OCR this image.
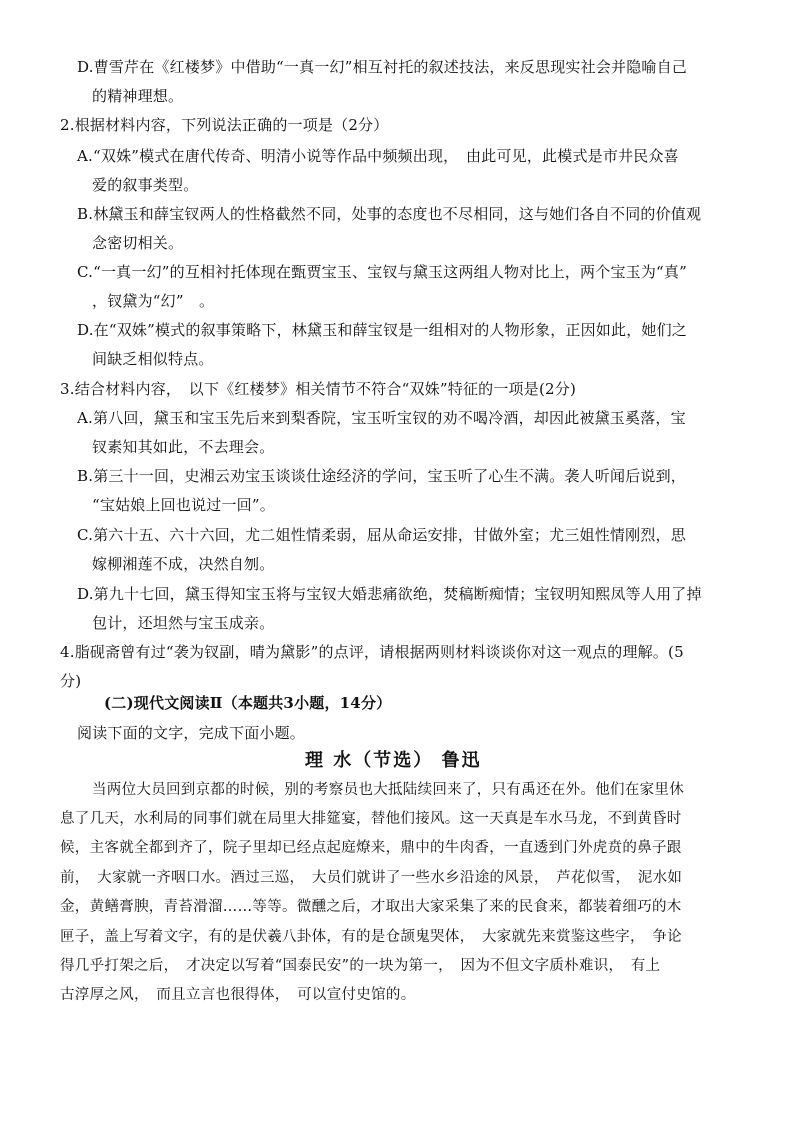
D.曹雪芹在《红楼梦》中借助“一真一幻”相互衬托的叙述技法，来反思现实社会并隐喻自己
的精神理想。
2.根据材料内容，下列说法正确的一项是（2分）
A.“双姝”模式在唐代传奇、明清小说等作品中频频出现，　由此可见，此模式是市井民众喜
爱的叙事类型。
B.林黛玉和薛宝钗两人的性格截然不同，处事的态度也不尽相同，这与她们各自不同的价值观
念密切相关。
C.“一真一幻”的互相衬托体现在甄贾宝玉、宝钗与黛玉这两组人物对比上，两个宝玉为“真”
，钗黛为“幻”　。
D.在“双姝”模式的叙事策略下，林黛玉和薛宝钗是一组相对的人物形象，正因如此，她们之
间缺乏相似特点。
3.结合材料内容，　以下《红楼梦》相关情节不符合“双姝”特征的一项是(2分)
A.第八回，黛玉和宝玉先后来到梨香院，宝玉听宝钗的劝不喝冷酒，却因此被黛玉奚落，宝
钗素知其如此，不去理会。
B.第三十一回，史湘云劝宝玉谈谈仕途经济的学问，宝玉听了心生不满。袭人听闻后说到，
“宝姑娘上回也说过一回”。
C.第六十五、六十六回，尤二姐性情柔弱，屈从命运安排，甘做外室；尤三姐性情刚烈，思
嫁柳湘莲不成，决然自刎。
D.第九十七回，黛玉得知宝玉将与宝钗大婚悲痛欲绝，焚稿断痴情；宝钗明知熙凤等人用了掉
包计，还坦然与宝玉成亲。
4.脂砚斋曾有过“袭为钗副，晴为黛影”的点评，请根据两则材料谈谈你对这一观点的理解。(5
分)
(二)现代文阅读Ⅱ（本题共3小题，14分）
阅读下面的文字，完成下面小题。
理 水（节选） 鲁迅
当两位大员回到京都的时候，别的考察员也大抵陆续回来了，只有禹还在外。他们在家里休
息了几天，水利局的同事们就在局里大排筵宴，替他们接风。这一天真是车水马龙，不到黄昏时
候，主客就全都到齐了，院子里却已经点起庭燎来，鼎中的牛肉香，一直透到门外虎贲的鼻子跟
前，　大家就一齐咽口水。酒过三巡，　大员们就讲了一些水乡沿途的风景，　芦花似雪，　泥水如
金，黄鳝膏腴，青苔滑溜……等等。微醺之后，才取出大家采集了来的民食来，都装着细巧的木
匣子，盖上写着文字，有的是伏羲八卦体，有的是仓颉鬼哭体，　大家就先来赏鉴这些字，　争论
得几乎打架之后，　才决定以写着“国泰民安”的一块为第一，　因为不但文字质朴难识，　有上
古淳厚之风，　而且立言也很得体，　可以宣付史馆的。
